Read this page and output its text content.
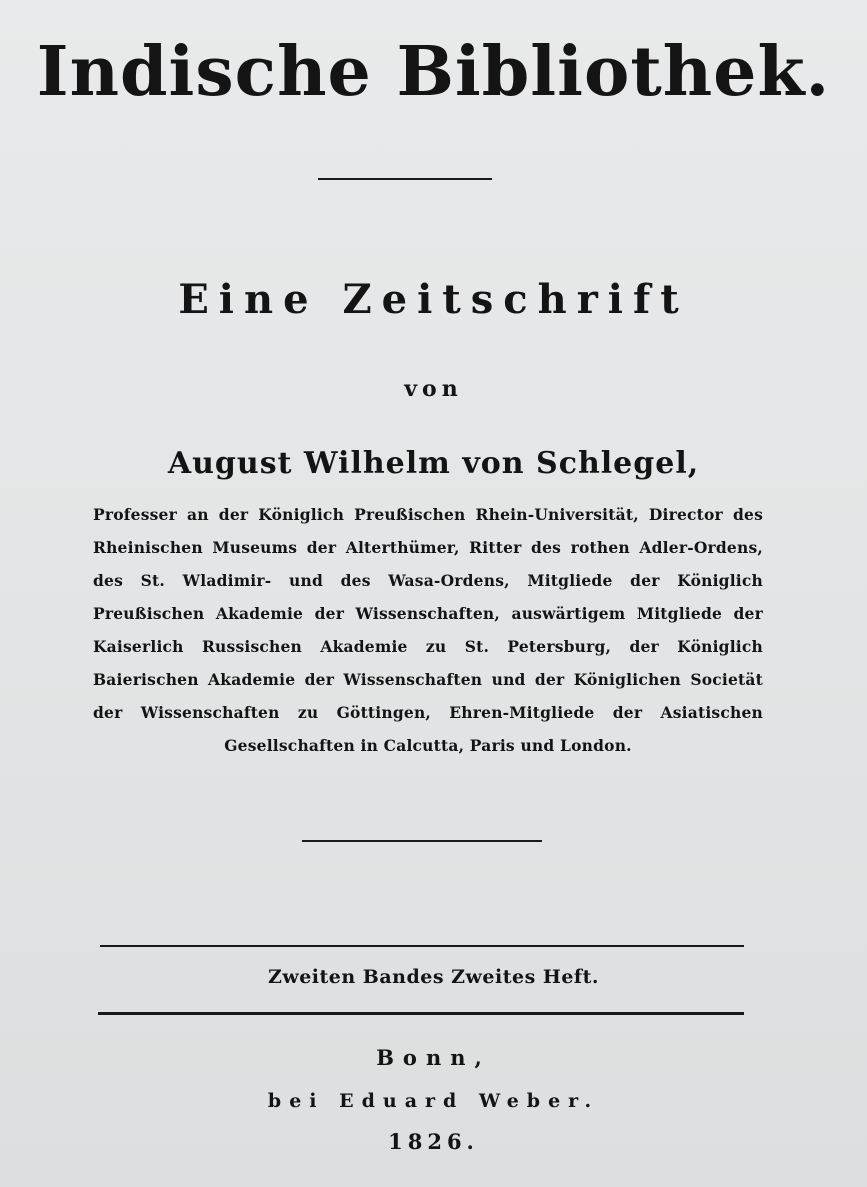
Indische Bibliothek.
Eine Zeitschrift
von
August Wilhelm von Schlegel,
Professer an der Königlich Preußischen Rhein-Universität, Director des Rheinischen Museums der Alterthümer, Ritter des rothen Adler-Ordens, des St. Wladimir- und des Wasa-Ordens, Mitgliede der Königlich Preußischen Akademie der Wissenschaften, auswärtigem Mitgliede der Kaiserlich Russischen Akademie zu St. Petersburg, der Königlich Baierischen Akademie der Wissenschaften und der Königlichen Societät der Wissenschaften zu Göttingen, Ehren-Mitgliede der Asiatischen Gesellschaften in Calcutta, Paris und London.
Zweiten Bandes Zweites Heft.
Bonn,
bei Eduard Weber.
1826.
